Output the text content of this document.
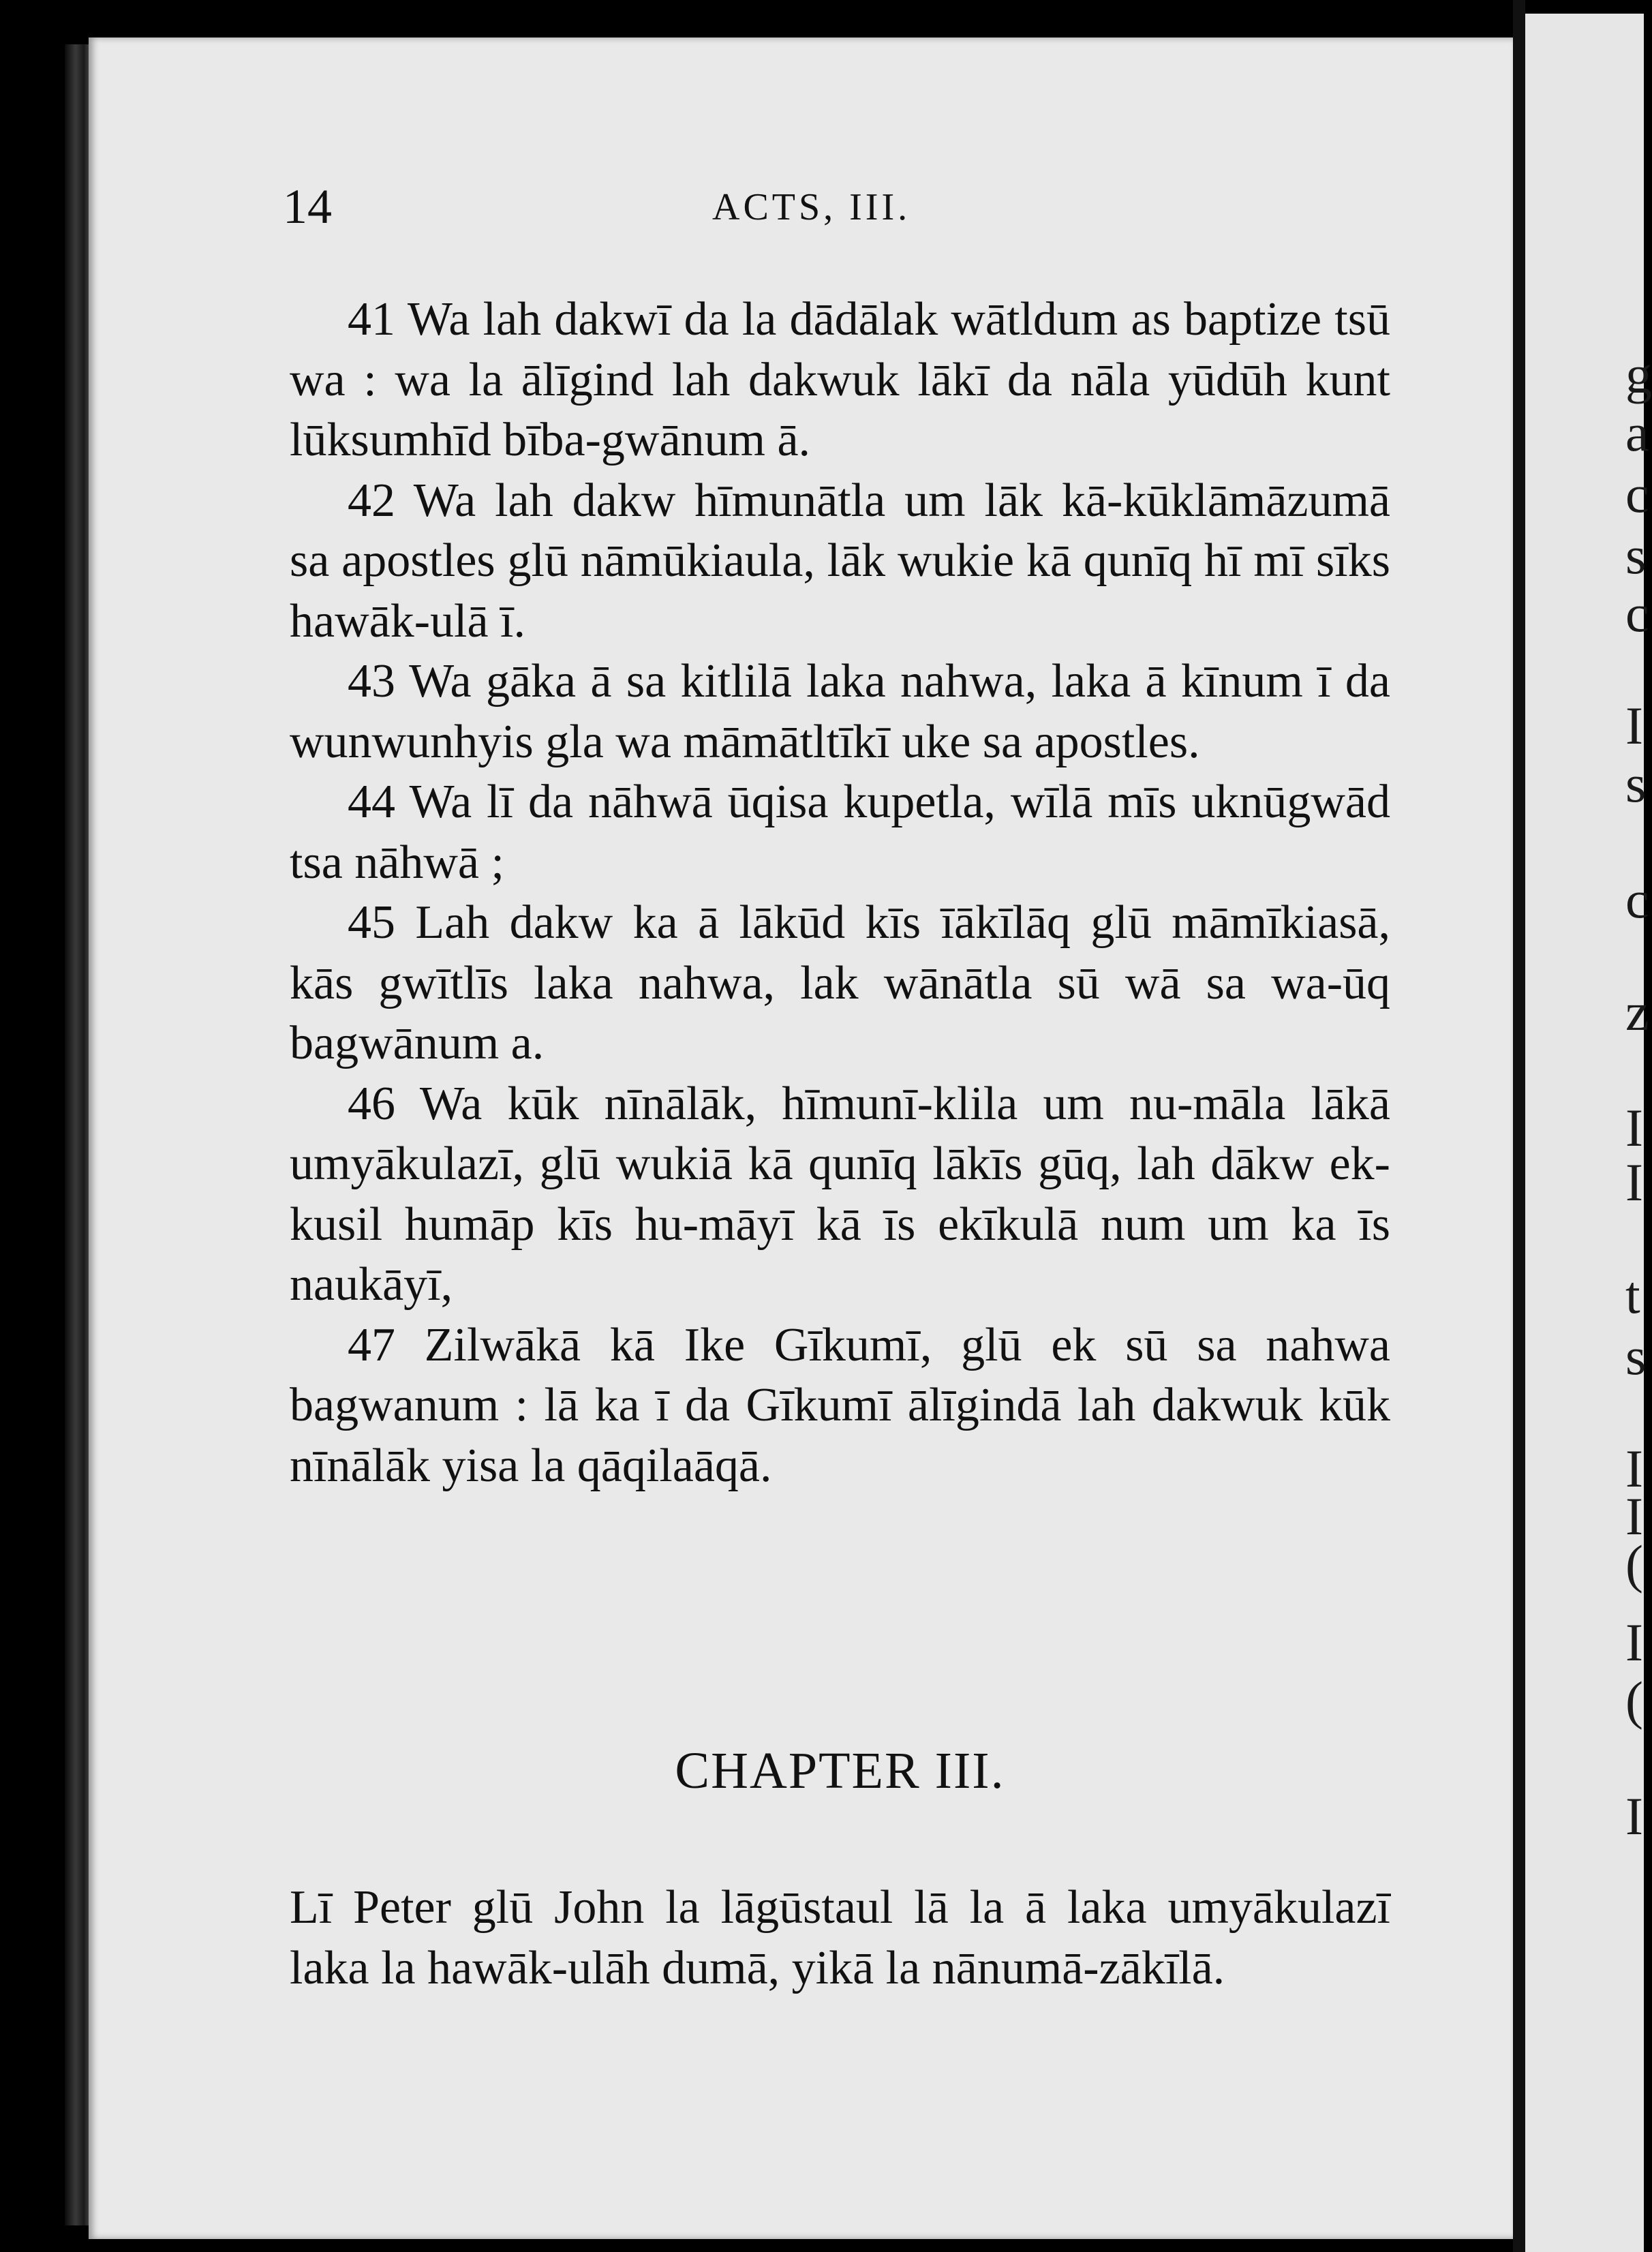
g
a
c
s
c
I
s
c
z
I
I
t
s
I
I
(
I
(
I
14	ACTS, III.

41 Wa lah dakwī da la dādālak wātldum as baptize tsū wa : wa la ālīgind lah dakwuk lākī da nāla yūdūh kunt lūksumhīd bība-gwānum ā.

42 Wa lah dakw hīmunātla um lāk kā-kūklāmāzumā sa apostles glū nāmūkiaula, lāk wukie kā qunīq hī mī sīks hawāk-ulā ī.

43 Wa gāka ā sa kitlilā laka nahwa, laka ā kīnum ī da wunwunhyis gla wa māmātltīkī uke sa apostles.

44 Wa lī da nāhwā ūqisa kupetla, wīlā mīs uknūgwād tsa nāhwā ;

45 Lah dakw ka ā lākūd kīs īākīlāq glū māmīkiasā, kās gwītlīs laka nahwa, lak wānātla sū wā sa wa-ūq bagwānum a.

46 Wa kūk nīnālāk, hīmunī-klila um nu-māla lākā umyākulazī, glū wukiā kā qunīq lākīs gūq, lah dākw ek-kusil humāp kīs hu-māyī kā īs ekīkulā num um ka īs naukāyī,

47 Zilwākā kā Ike Gīkumī, glū ek sū sa nahwa bagwanum : lā ka ī da Gīkumī ālīgindā lah dakwuk kūk nīnālāk yisa la qāqilaāqā.

CHAPTER III.

Lī Peter glū John la lāgūstaul lā la ā laka umyākulazī laka la hawāk-ulāh dumā, yikā la nānumā-zākīlā.
